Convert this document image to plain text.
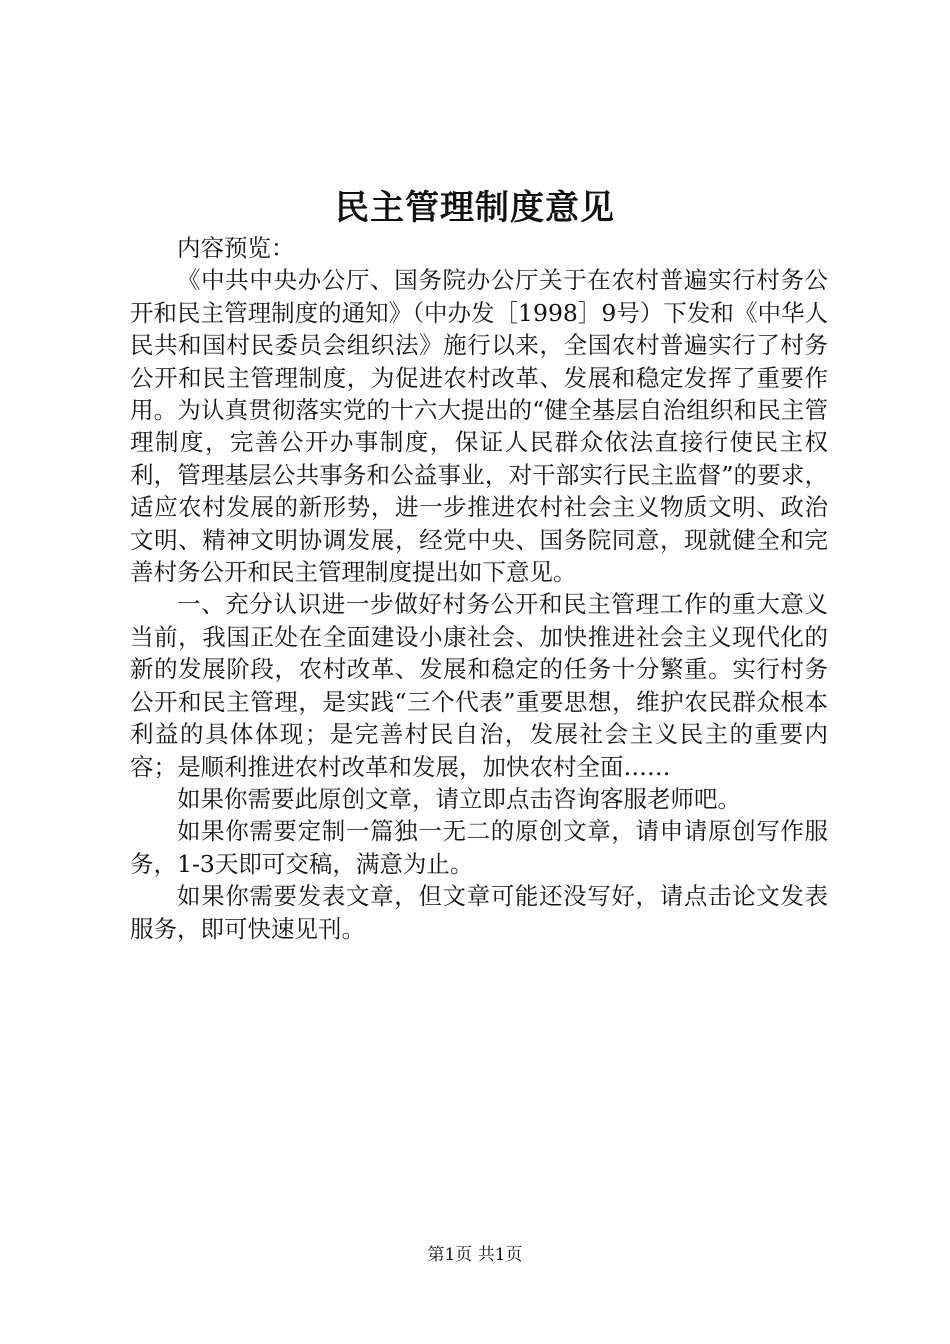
民主管理制度意见

内容预览：

《中共中央办公厅、国务院办公厅关于在农村普遍实行村务公开和民主管理制度的通知》（中办发［1998］9号）下发和《中华人民共和国村民委员会组织法》施行以来，全国农村普遍实行了村务公开和民主管理制度，为促进农村改革、发展和稳定发挥了重要作用。为认真贯彻落实党的十六大提出的“健全基层自治组织和民主管理制度，完善公开办事制度，保证人民群众依法直接行使民主权利，管理基层公共事务和公益事业，对干部实行民主监督”的要求，适应农村发展的新形势，进一步推进农村社会主义物质文明、政治文明、精神文明协调发展，经党中央、国务院同意，现就健全和完善村务公开和民主管理制度提出如下意见。

一、充分认识进一步做好村务公开和民主管理工作的重大意义当前，我国正处在全面建设小康社会、加快推进社会主义现代化的新的发展阶段，农村改革、发展和稳定的任务十分繁重。实行村务公开和民主管理，是实践“三个代表”重要思想，维护农民群众根本利益的具体体现；是完善村民自治，发展社会主义民主的重要内容；是顺利推进农村改革和发展，加快农村全面……

如果你需要此原创文章，请立即点击咨询客服老师吧。

如果你需要定制一篇独一无二的原创文章，请申请原创写作服务，1-3天即可交稿，满意为止。

如果你需要发表文章，但文章可能还没写好，请点击论文发表服务，即可快速见刊。

第1页 共1页
